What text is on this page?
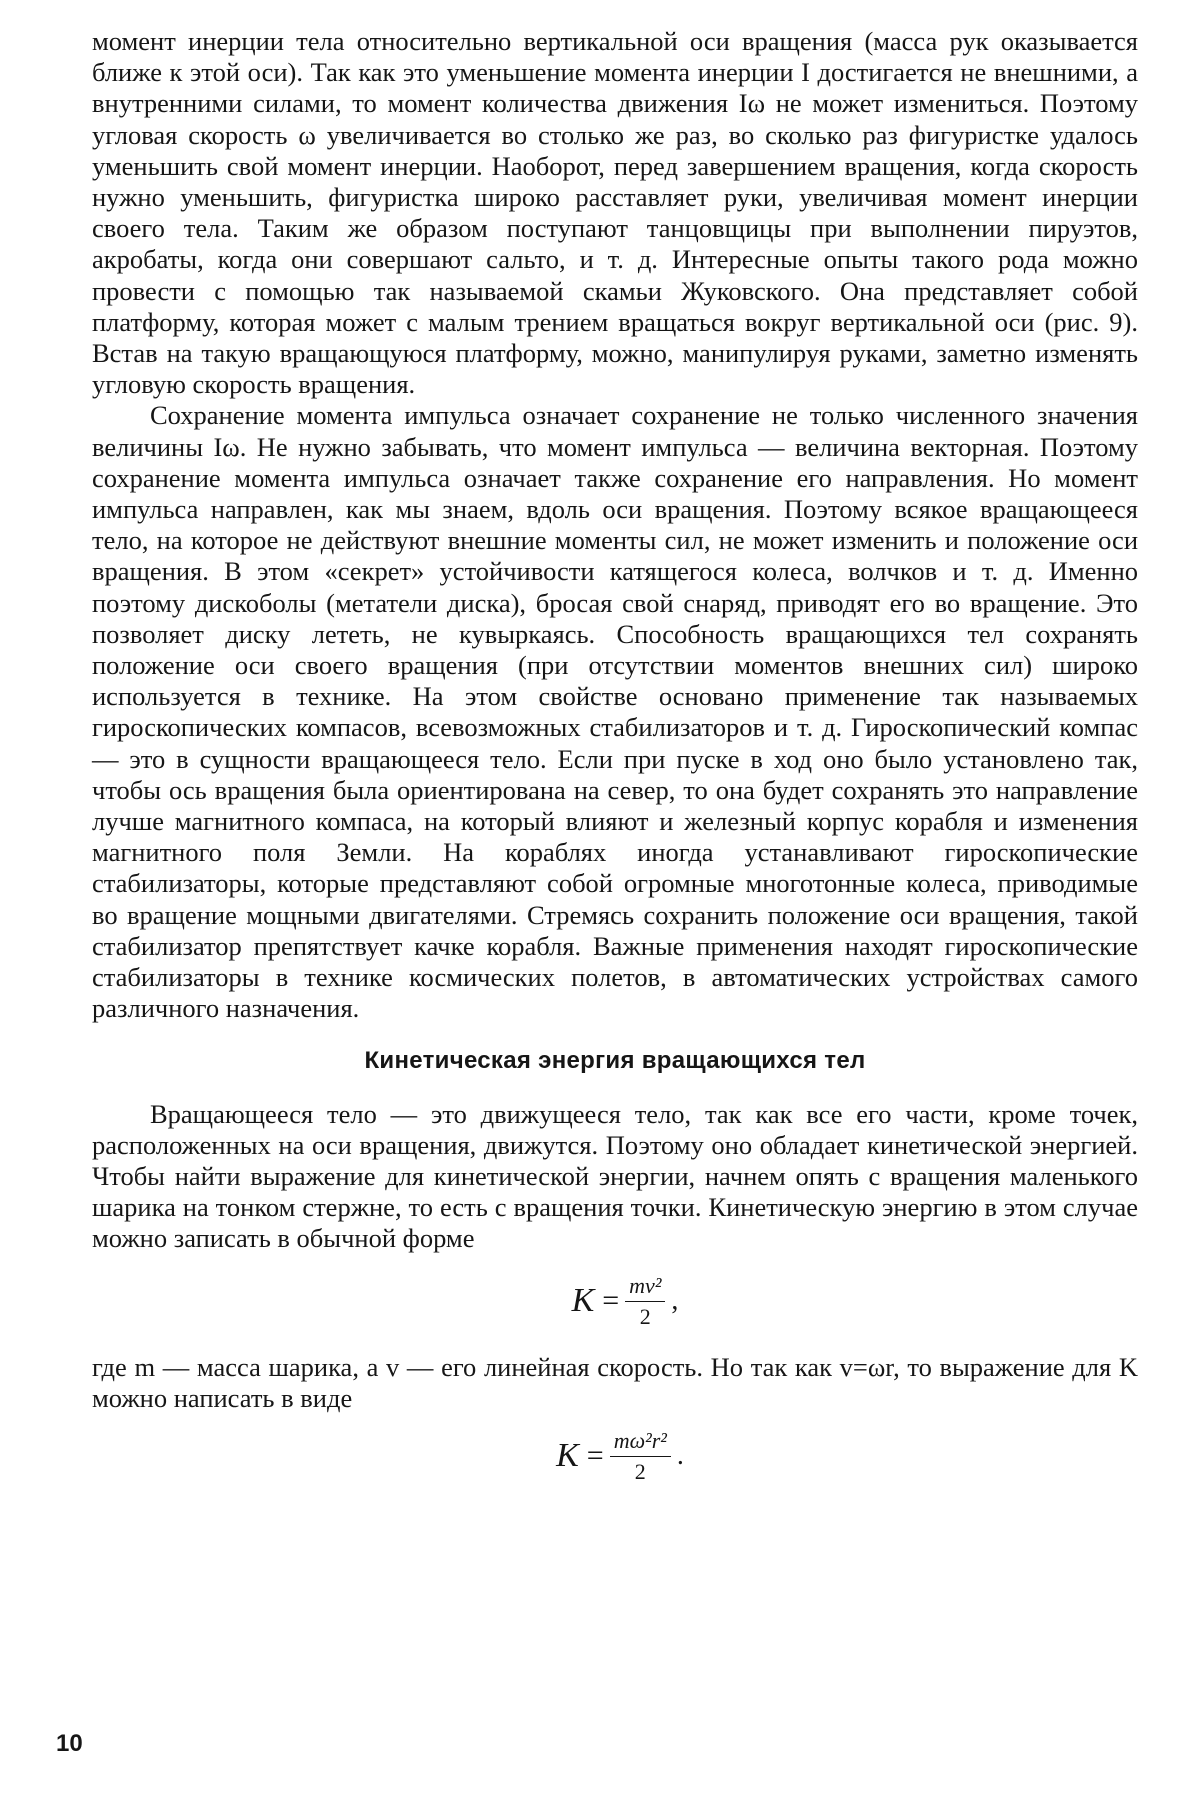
момент инерции тела относительно вертикальной оси вращения (масса рук оказывается ближе к этой оси). Так как это уменьшение момента инерции I достигается не внешними, а внутренними силами, то момент количества движения Iω не может измениться. Поэтому угловая скорость ω увеличивается во столько же раз, во сколько раз фигуристке удалось уменьшить свой момент инерции. Наоборот, перед завершением вращения, когда скорость нужно уменьшить, фигуристка широко расставляет руки, увеличивая момент инерции своего тела. Таким же образом поступают танцовщицы при выполнении пируэтов, акробаты, когда они совершают сальто, и т. д. Интересные опыты такого рода можно провести с помощью так называемой скамьи Жуковского. Она представляет собой платформу, которая может с малым трением вращаться вокруг вертикальной оси (рис. 9). Встав на такую вращающуюся платформу, можно, манипулируя руками, заметно изменять угловую скорость вращения.

Сохранение момента импульса означает сохранение не только численного значения величины Iω. Не нужно забывать, что момент импульса — величина векторная. Поэтому сохранение момента импульса означает также сохранение его направления. Но момент импульса направлен, как мы знаем, вдоль оси вращения. Поэтому всякое вращающееся тело, на которое не действуют внешние моменты сил, не может изменить и положение оси вращения. В этом «секрет» устойчивости катящегося колеса, волчков и т. д. Именно поэтому дискоболы (метатели диска), бросая свой снаряд, приводят его во вращение. Это позволяет диску лететь, не кувыркаясь. Способность вращающихся тел сохранять положение оси своего вращения (при отсутствии моментов внешних сил) широко используется в технике. На этом свойстве основано применение так называемых гироскопических компасов, всевозможных стабилизаторов и т. д. Гироскопический компас — это в сущности вращающееся тело. Если при пуске в ход оно было установлено так, чтобы ось вращения была ориентирована на север, то она будет сохранять это направление лучше магнитного компаса, на который влияют и железный корпус корабля и изменения магнитного поля Земли. На кораблях иногда устанавливают гироскопические стабилизаторы, которые представляют собой огромные многотонные колеса, приводимые во вращение мощными двигателями. Стремясь сохранить положение оси вращения, такой стабилизатор препятствует качке корабля. Важные применения находят гироскопические стабилизаторы в технике космических полетов, в автоматических устройствах самого различного назначения.

Кинетическая энергия вращающихся тел

Вращающееся тело — это движущееся тело, так как все его части, кроме точек, расположенных на оси вращения, движутся. Поэтому оно обладает кинетической энергией. Чтобы найти выражение для кинетической энергии, начнем опять с вращения маленького шарика на тонком стержне, то есть с вращения точки. Кинетическую энергию в этом случае можно записать в обычной форме

$K = \frac{\text{mv²}}{2}$ ,

где m — масса шарика, а v — его линейная скорость. Но так как v=ωr, то выражение для K можно написать в виде

$K = \frac{\text{mω²r²}}{2}$ .
10
